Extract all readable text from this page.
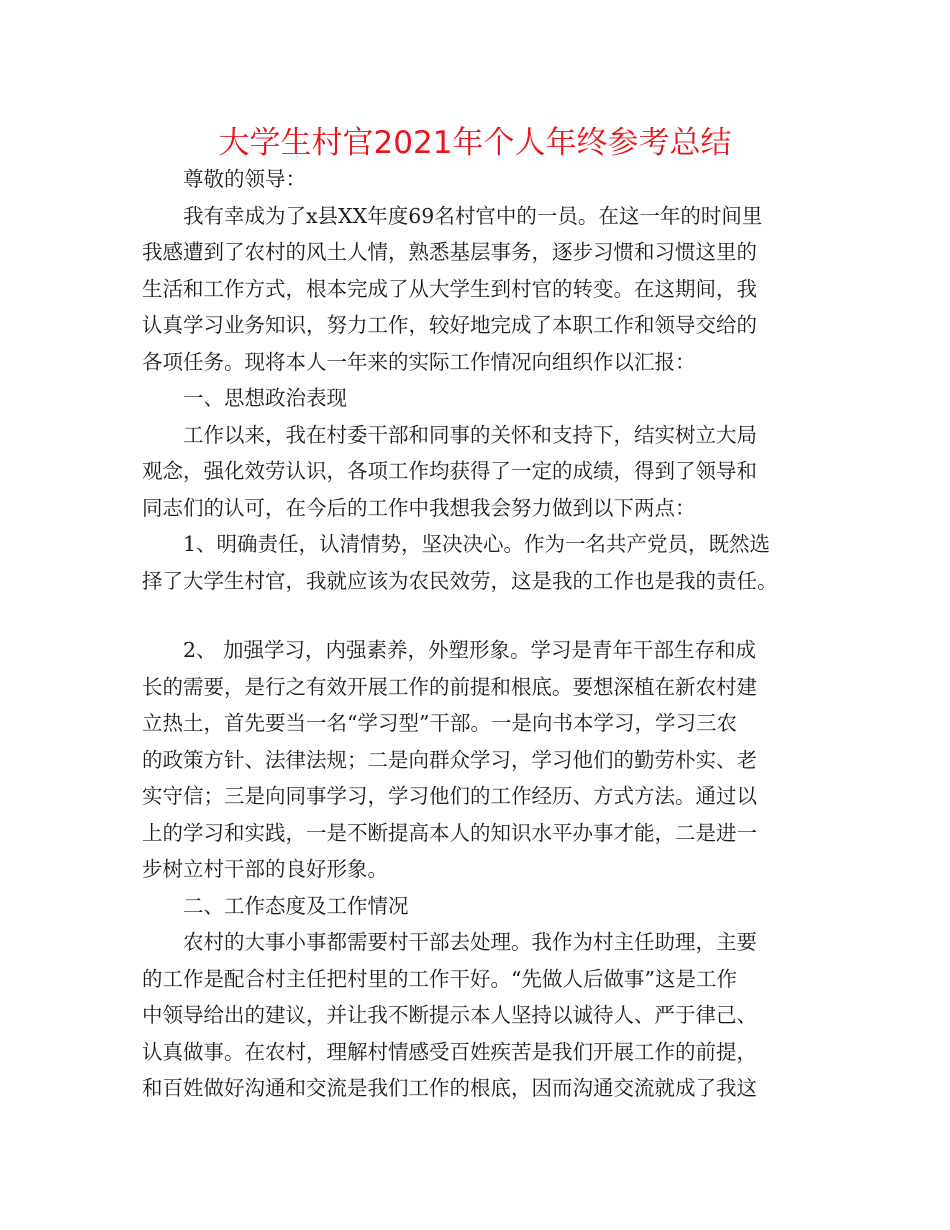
大学生村官2021年个人年终参考总结
尊敬的领导：
我有幸成为了x县XX年度69名村官中的一员。在这一年的时间里
我感遭到了农村的风土人情，熟悉基层事务，逐步习惯和习惯这里的
生活和工作方式，根本完成了从大学生到村官的转变。在这期间，我
认真学习业务知识，努力工作，较好地完成了本职工作和领导交给的
各项任务。现将本人一年来的实际工作情况向组织作以汇报：
一、思想政治表现
工作以来，我在村委干部和同事的关怀和支持下，结实树立大局
观念，强化效劳认识，各项工作均获得了一定的成绩，得到了领导和
同志们的认可，在今后的工作中我想我会努力做到以下两点：
1、明确责任，认清情势，坚决决心。作为一名共产党员，既然选
择了大学生村官，我就应该为农民效劳，这是我的工作也是我的责任。
2、 加强学习，内强素养，外塑形象。学习是青年干部生存和成
长的需要，是行之有效开展工作的前提和根底。要想深植在新农村建
立热土，首先要当一名“学习型”干部。一是向书本学习，学习三农
的政策方针、法律法规；二是向群众学习，学习他们的勤劳朴实、老
实守信；三是向同事学习，学习他们的工作经历、方式方法。通过以
上的学习和实践，一是不断提高本人的知识水平办事才能，二是进一
步树立村干部的良好形象。
二、工作态度及工作情况
农村的大事小事都需要村干部去处理。我作为村主任助理，主要
的工作是配合村主任把村里的工作干好。“先做人后做事”这是工作
中领导给出的建议，并让我不断提示本人坚持以诚待人、严于律己、
认真做事。在农村，理解村情感受百姓疾苦是我们开展工作的前提，
和百姓做好沟通和交流是我们工作的根底，因而沟通交流就成了我这
